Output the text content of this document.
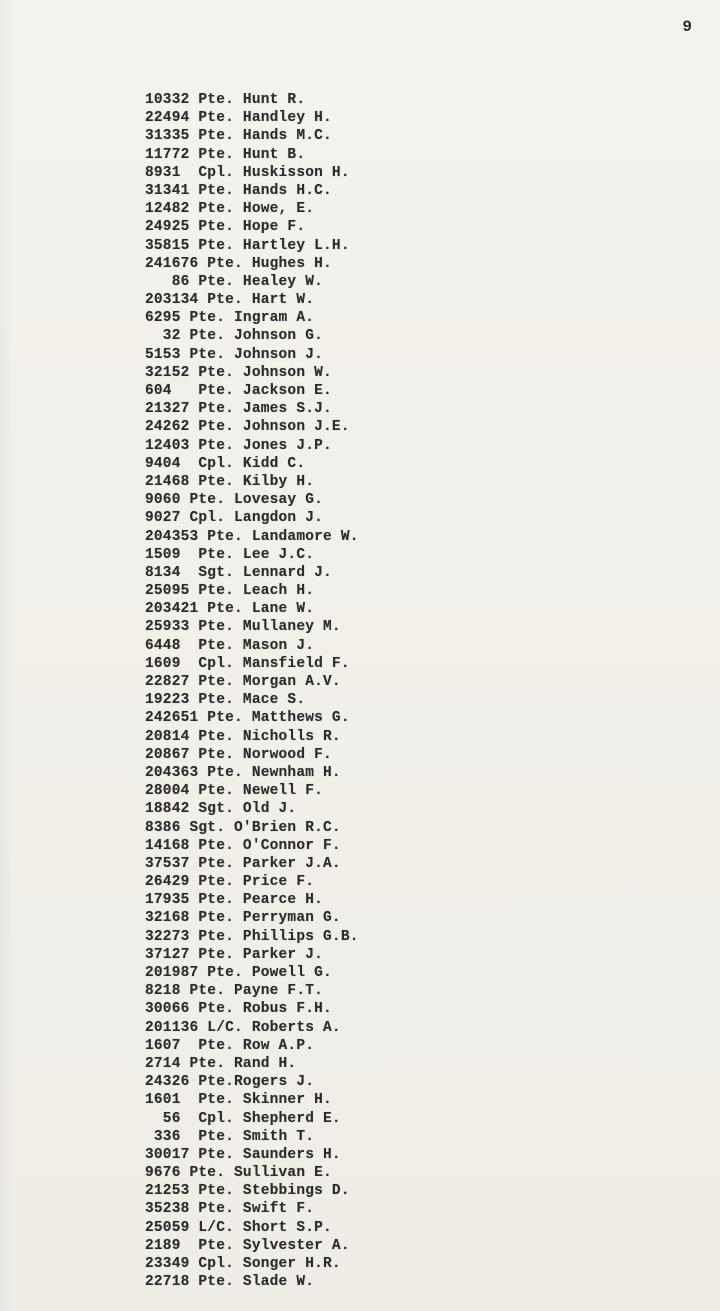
9
10332 Pte. Hunt R.
22494 Pte. Handley H.
31335 Pte. Hands M.C.
11772 Pte. Hunt B.
8931  Cpl. Huskisson H.
31341 Pte. Hands H.C.
12482 Pte. Howe, E.
24925 Pte. Hope F.
35815 Pte. Hartley L.H.
241676 Pte. Hughes H.
86 Pte. Healey W.
203134 Pte. Hart W.
6295 Pte. Ingram A.
32 Pte. Johnson G.
5153 Pte. Johnson J.
32152 Pte. Johnson W.
604   Pte. Jackson E.
21327 Pte. James S.J.
24262 Pte. Johnson J.E.
12403 Pte. Jones J.P.
9404  Cpl. Kidd C.
21468 Pte. Kilby H.
9060 Pte. Lovesay G.
9027 Cpl. Langdon J.
204353 Pte. Landamore W.
1509  Pte. Lee J.C.
8134  Sgt. Lennard J.
25095 Pte. Leach H.
203421 Pte. Lane W.
25933 Pte. Mullaney M.
6448  Pte. Mason J.
1609  Cpl. Mansfield F.
22827 Pte. Morgan A.V.
19223 Pte. Mace S.
242651 Pte. Matthews G.
20814 Pte. Nicholls R.
20867 Pte. Norwood F.
204363 Pte. Newnham H.
28004 Pte. Newell F.
18842 Sgt. Old J.
8386 Sgt. O'Brien R.C.
14168 Pte. O'Connor F.
37537 Pte. Parker J.A.
26429 Pte. Price F.
17935 Pte. Pearce H.
32168 Pte. Perryman G.
32273 Pte. Phillips G.B.
37127 Pte. Parker J.
201987 Pte. Powell G.
8218 Pte. Payne F.T.
30066 Pte. Robus F.H.
201136 L/C. Roberts A.
1607  Pte. Row A.P.
2714 Pte. Rand H.
24326 Pte.Rogers J.
1601  Pte. Skinner H.
56  Cpl. Shepherd E.
336  Pte. Smith T.
30017 Pte. Saunders H.
9676 Pte. Sullivan E.
21253 Pte. Stebbings D.
35238 Pte. Swift F.
25059 L/C. Short S.P.
2189  Pte. Sylvester A.
23349 Cpl. Songer H.R.
22718 Pte. Slade W.
